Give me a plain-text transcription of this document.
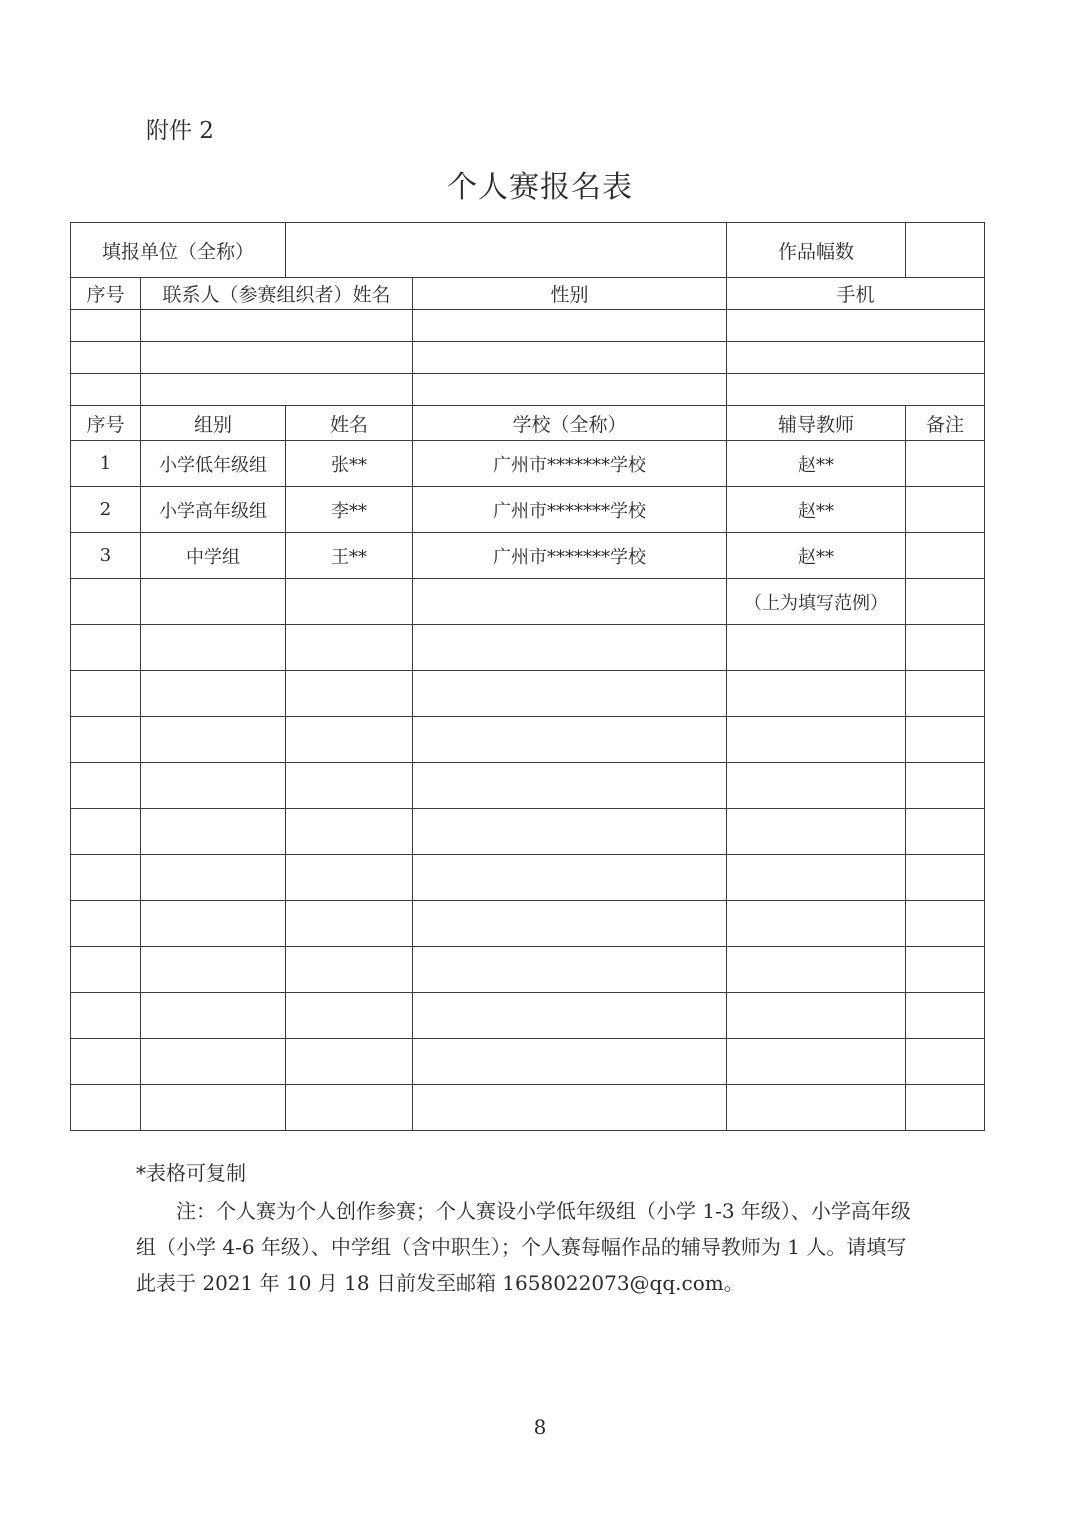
附件 2
个人赛报名表
填报单位（全称）				作品幅数	
序号	联系人（参赛组织者）姓名		性别	手机	

序号	组别	姓名	学校（全称）	辅导教师	备注
1	小学低年级组	张**	广州市*******学校	赵**	
2	小学高年级组	李**	广州市*******学校	赵**	
3	中学组	王**	广州市*******学校	赵**	
				（上为填写范例）	

*表格可复制
注：个人赛为个人创作参赛；个人赛设小学低年级组（小学 1-3 年级）、小学高年级组（小学 4-6 年级）、中学组（含中职生）；个人赛每幅作品的辅导教师为 1 人。请填写此表于 2021 年 10 月 18 日前发至邮箱 1658022073@qq.com。
8
